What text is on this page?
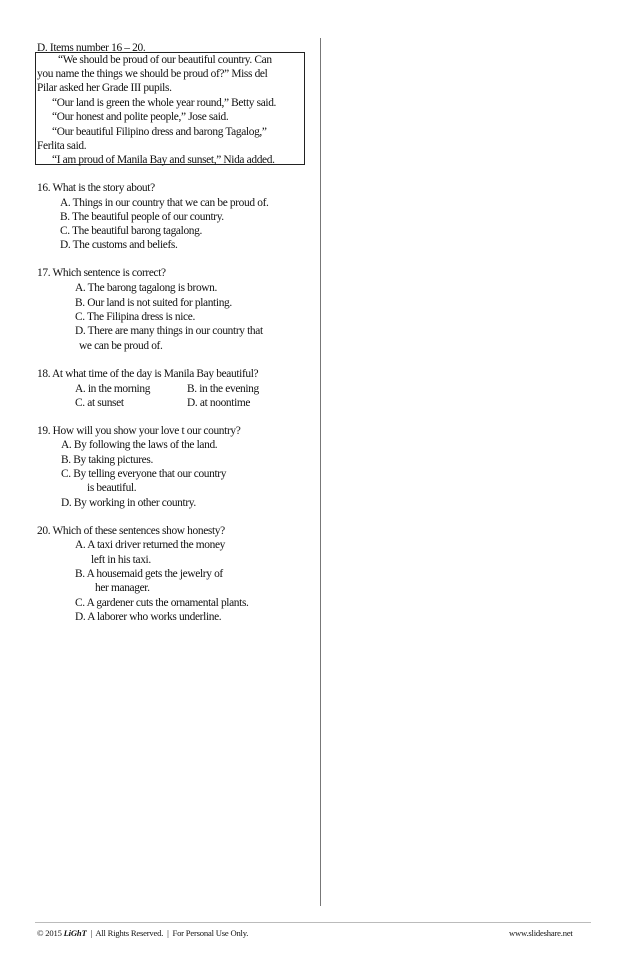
D. Items number 16 – 20.
“We should be proud of our beautiful country. Can
you name the things we should be proud of?” Miss del
Pilar asked her Grade III pupils.
“Our land is green the whole year round,” Betty said.
“Our honest and polite people,” Jose said.
“Our beautiful Filipino dress and barong Tagalog,”
Ferlita said.
“I am proud of Manila Bay and sunset,” Nida added.
16. What is the story about?
A. Things in our country that we can be proud of.
B. The beautiful people of our country.
C. The beautiful barong tagalong.
D. The customs and beliefs.
17. Which sentence is correct?
A. The barong tagalong is brown.
B. Our land is not suited for planting.
C. The Filipina dress is nice.
D. There are many things in our country that
we can be proud of.
18. At what time of the day is Manila Bay beautiful?
A. in the morning	B. in the evening
C. at sunset	D. at noontime
19. How will you show your love t our country?
A. By following the laws of the land.
B. By taking pictures.
C. By telling everyone that our country
is beautiful.
D. By working in other country.
20. Which of these sentences show honesty?
A. A taxi driver returned the money
left in his taxi.
B. A housemaid gets the jewelry of
her manager.
C. A gardener cuts the ornamental plants.
D. A laborer who works underline.
© 2015 LiGhT  |  All Rights Reserved.  |  For Personal Use Only.	www.slideshare.net
